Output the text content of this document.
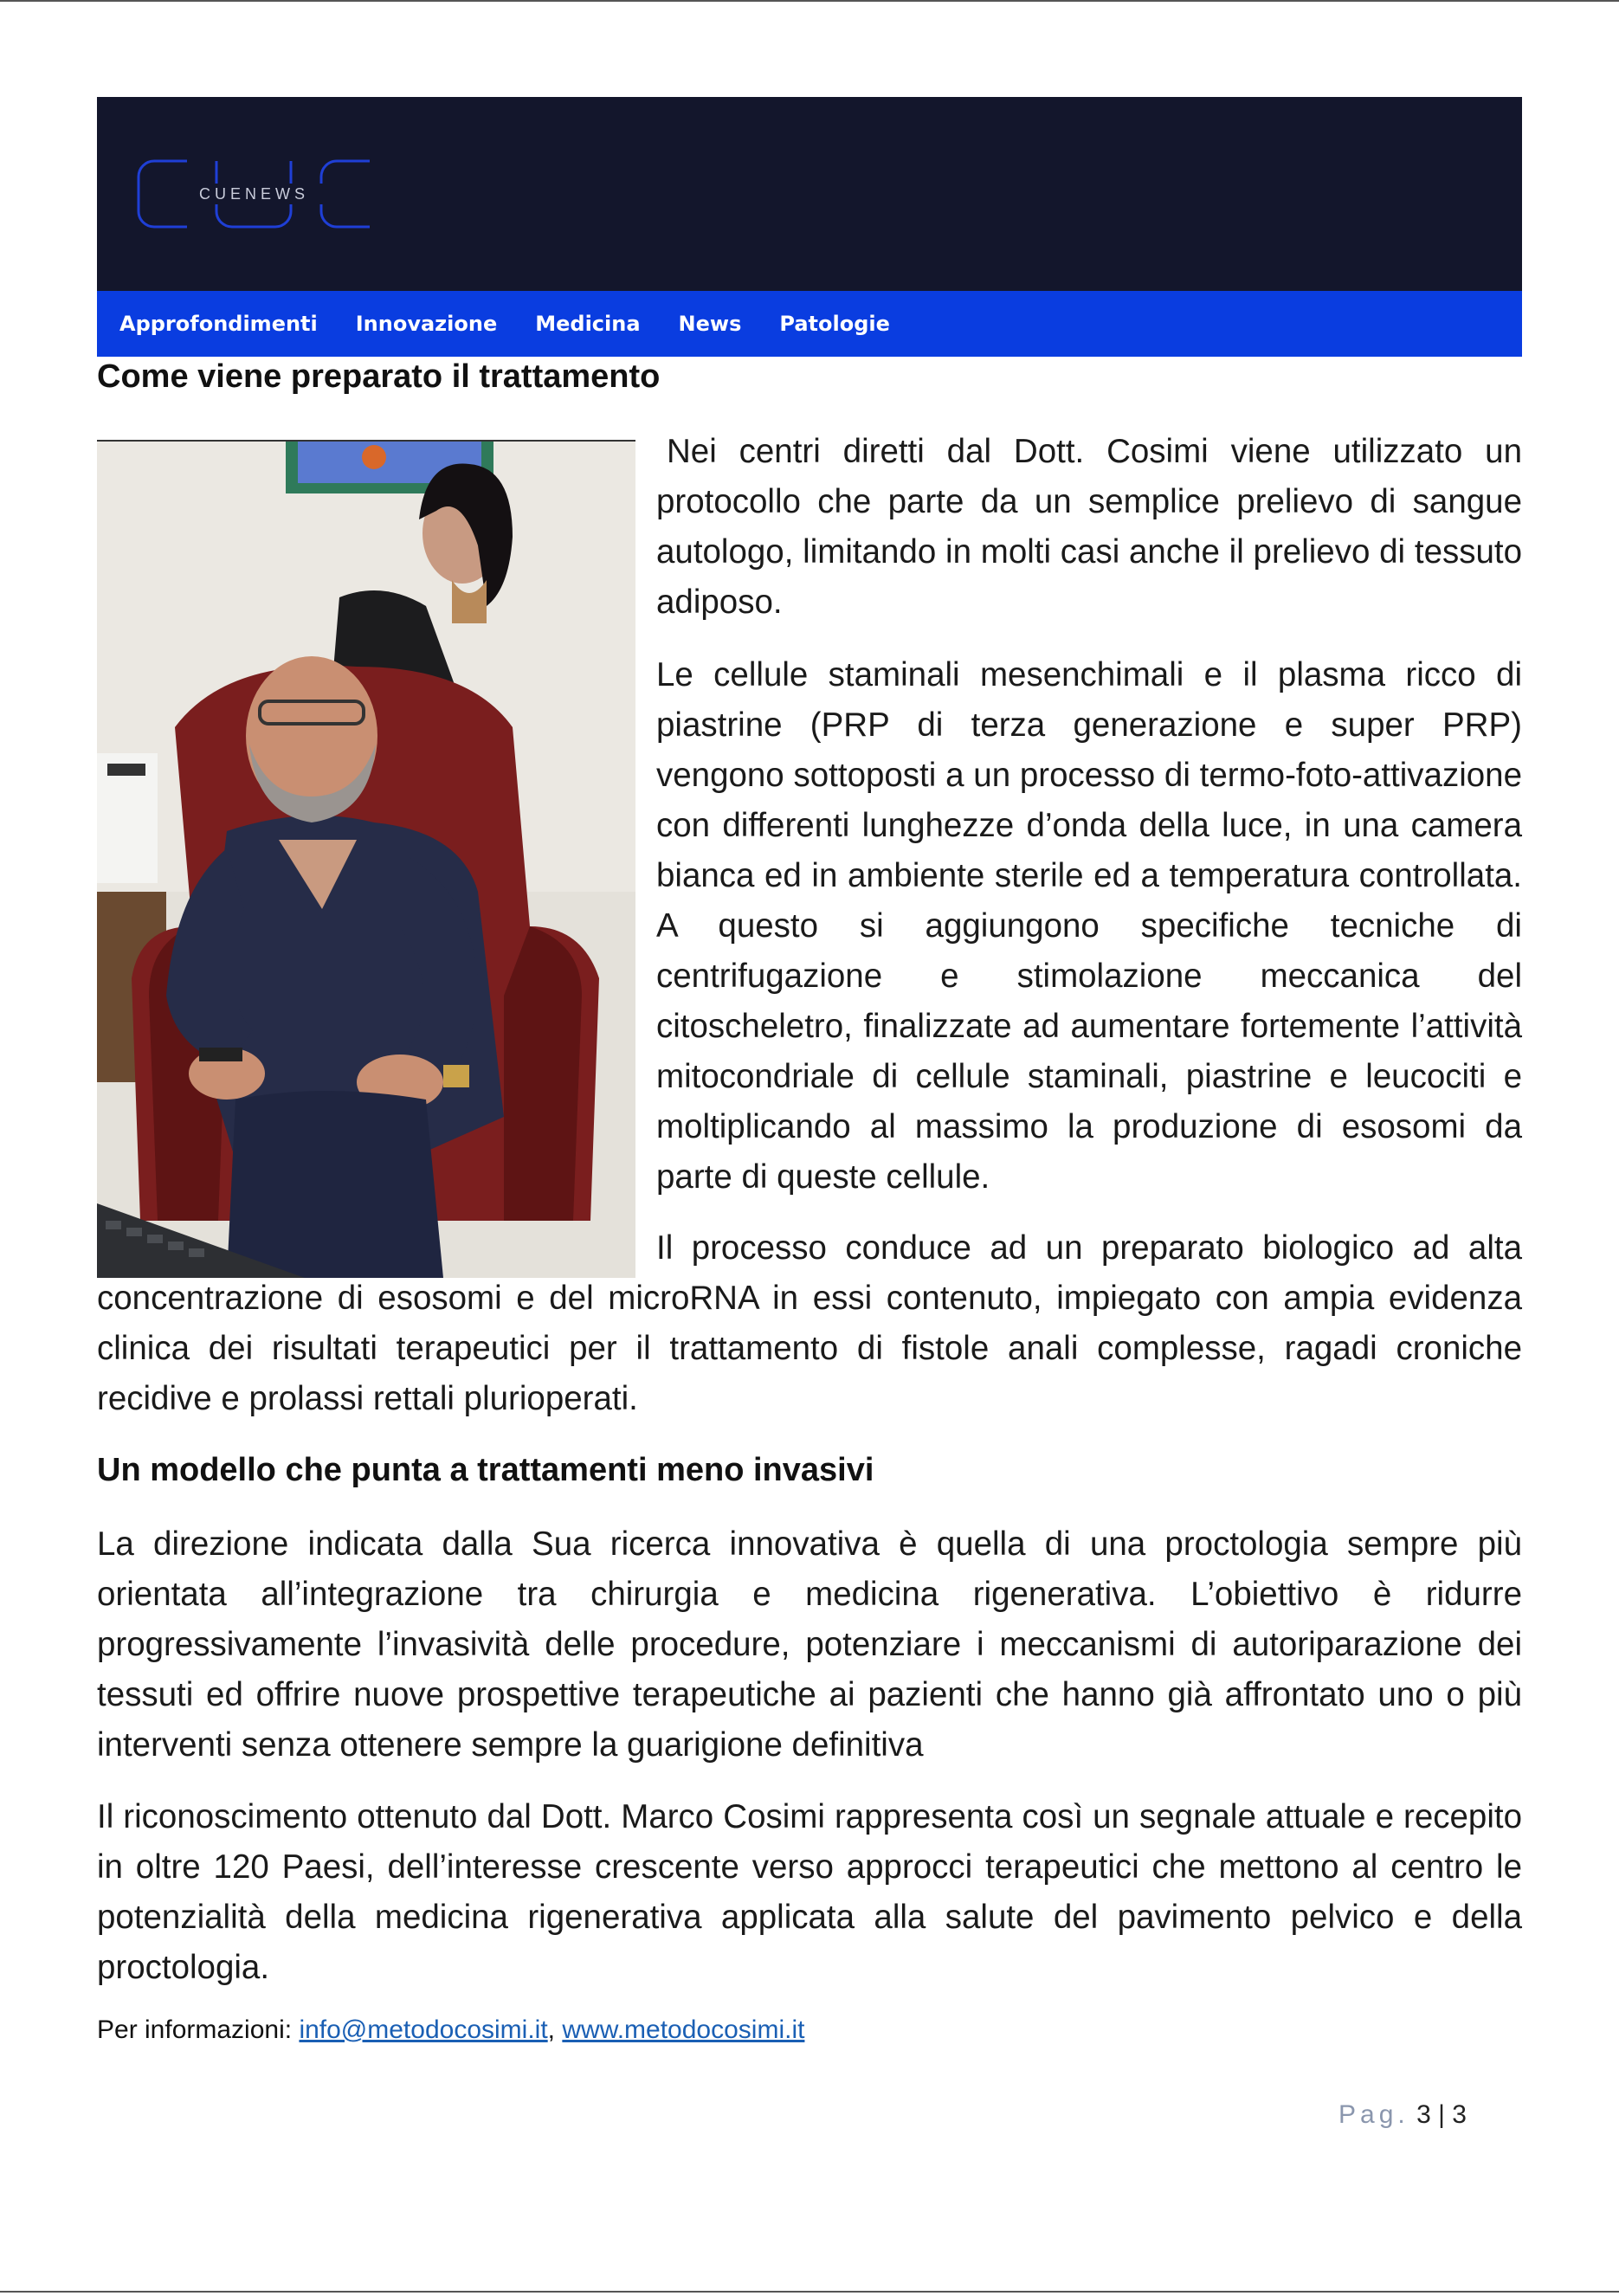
CUENEWS
Approfondimenti Innovazione Medicina News Patologie
Come viene preparato il trattamento
Nei centri diretti dal Dott. Cosimi viene utilizzato un protocollo che parte da un semplice prelievo di sangue autologo, limitando in molti casi anche il prelievo di tessuto adiposo.
Le cellule staminali mesenchimali e il plasma ricco di piastrine (PRP di terza generazione e super PRP) vengono sottoposti a un processo di termo-foto-attivazione con differenti lunghezze d’onda della luce, in una camera bianca ed in ambiente sterile ed a temperatura controllata. A questo si aggiungono specifiche tecniche di centrifugazione e stimolazione meccanica del citoscheletro, finalizzate ad aumentare fortemente l’attività mitocondriale di cellule staminali, piastrine e leucociti e moltiplicando al massimo la produzione di esosomi da parte di queste cellule.
Il processo conduce ad un preparato biologico ad alta
concentrazione di esosomi e del microRNA in essi contenuto, impiegato con ampia evidenza clinica dei risultati terapeutici per il trattamento di fistole anali complesse, ragadi croniche recidive e prolassi rettali plurioperati.
Un modello che punta a trattamenti meno invasivi
La direzione indicata dalla Sua ricerca innovativa è quella di una proctologia sempre più orientata all’integrazione tra chirurgia e medicina rigenerativa. L’obiettivo è ridurre progressivamente l’invasività delle procedure, potenziare i meccanismi di autoriparazione dei tessuti ed offrire nuove prospettive terapeutiche ai pazienti che hanno già affrontato uno o più interventi senza ottenere sempre la guarigione definitiva
Il riconoscimento ottenuto dal Dott. Marco Cosimi rappresenta così un segnale attuale e recepito in oltre 120 Paesi, dell’interesse crescente verso approcci terapeutici che mettono al centro le potenzialità della medicina rigenerativa applicata alla salute del pavimento pelvico e della proctologia.
Per informazioni: info@metodocosimi.it, www.metodocosimi.it
Pag. 3 | 3
